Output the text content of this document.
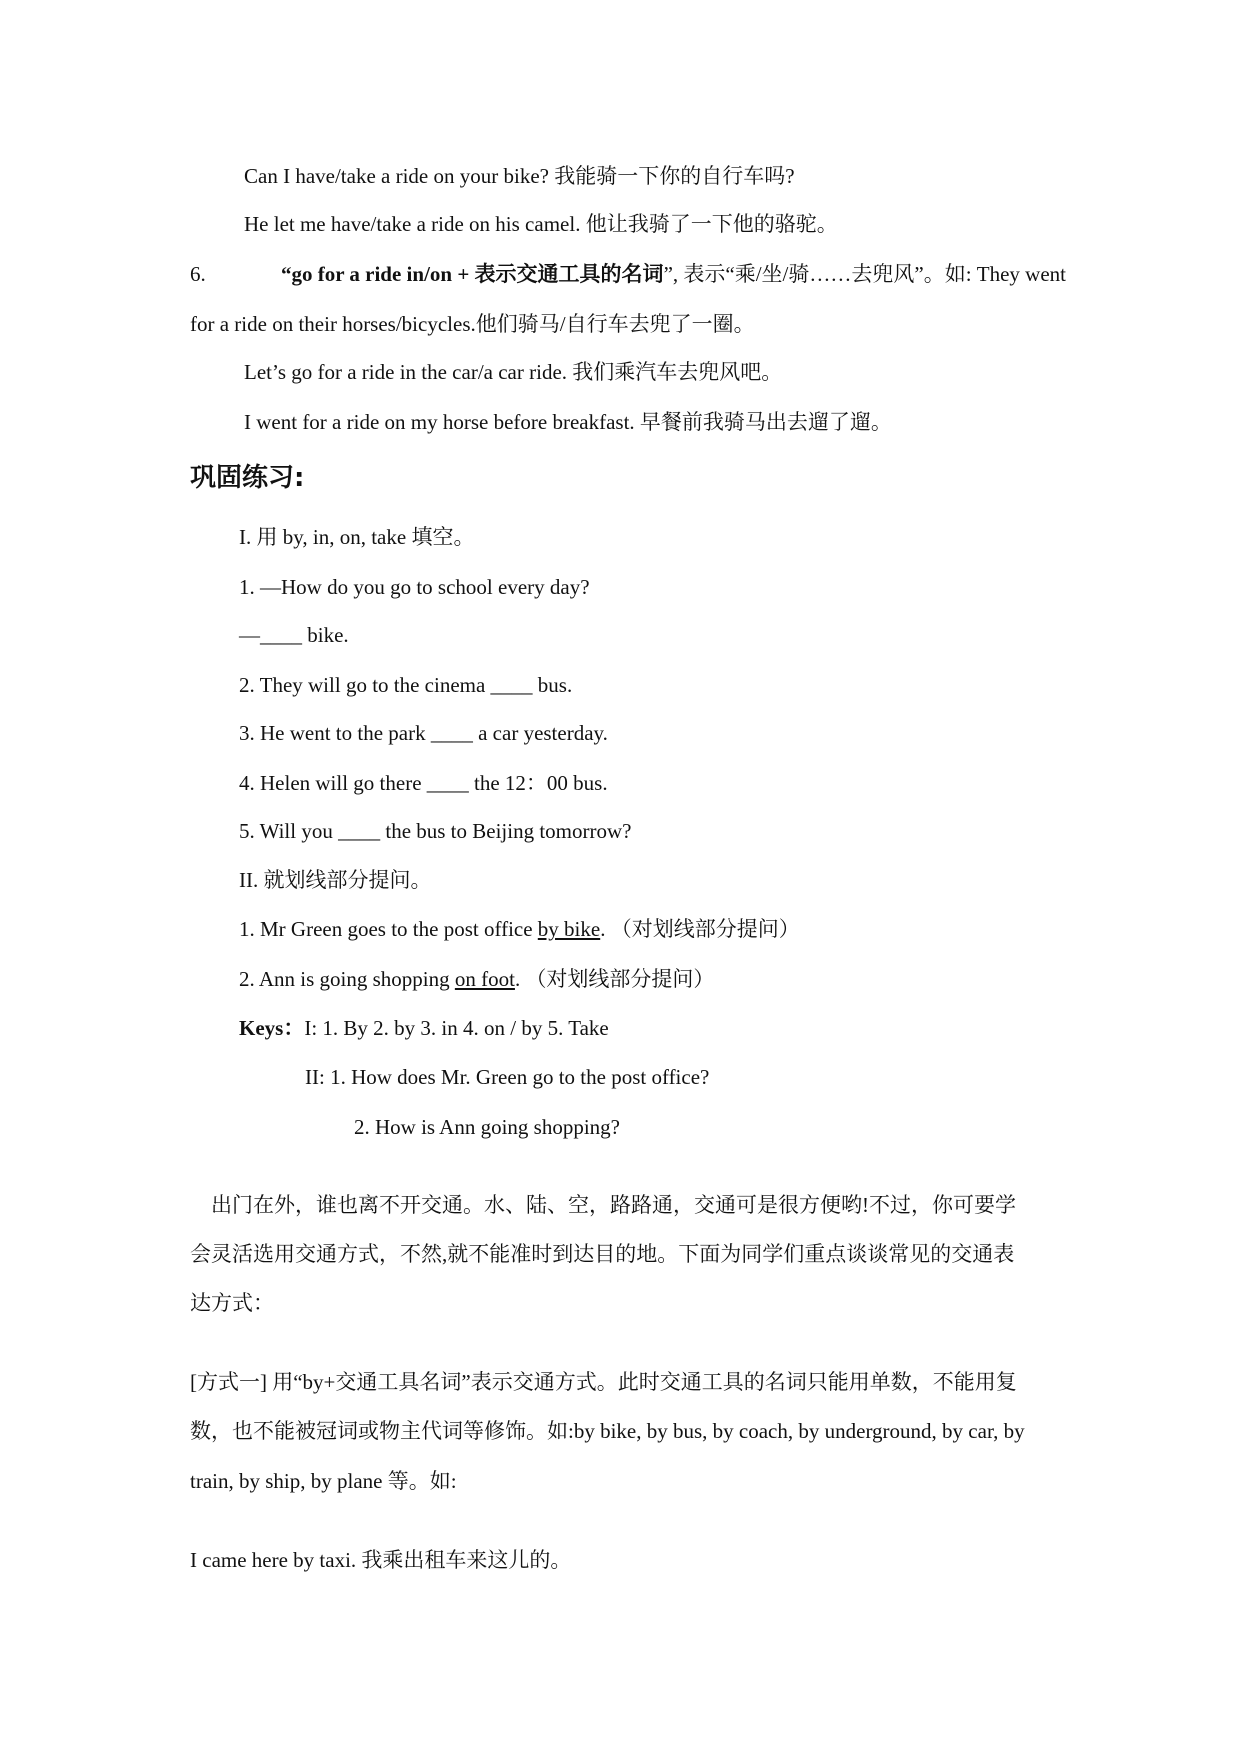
Can I have/take a ride on your bike? 我能骑一下你的自行车吗?
He let me have/take a ride on his camel. 他让我骑了一下他的骆驼。
6.	“go for a ride in/on + 表示交通工具的名词”, 表示“乘/坐/骑……去兜风”。如: They went
for a ride on their horses/bicycles.他们骑马/自行车去兜了一圈。
Let’s go for a ride in the car/a car ride. 我们乘汽车去兜风吧。
I went for a ride on my horse before breakfast. 早餐前我骑马出去遛了遛。
巩固练习:
I. 用 by, in, on, take 填空。
1. —How do you go to school every day?
—____ bike.
2. They will go to the cinema ____ bus.
3. He went to the park ____ a car yesterday.
4. Helen will go there ____ the 12：00 bus.
5. Will you ____ the bus to Beijing tomorrow?
II. 就划线部分提问。
1. Mr Green goes to the post office by bike. （对划线部分提问）
2. Ann is going shopping on foot. （对划线部分提问）
Keys：I: 1. By 2. by 3. in 4. on / by 5. Take
II: 1. How does Mr. Green go to the post office?
2. How is Ann going shopping?
出门在外，谁也离不开交通。水、陆、空，路路通，交通可是很方便哟!不过，你可要学
会灵活选用交通方式，不然,就不能准时到达目的地。下面为同学们重点谈谈常见的交通表
达方式：
[方式一] 用“by+交通工具名词”表示交通方式。此时交通工具的名词只能用单数，不能用复
数，也不能被冠词或物主代词等修饰。如:by bike, by bus, by coach, by underground, by car, by
train, by ship, by plane 等。如:
I came here by taxi. 我乘出租车来这儿的。
